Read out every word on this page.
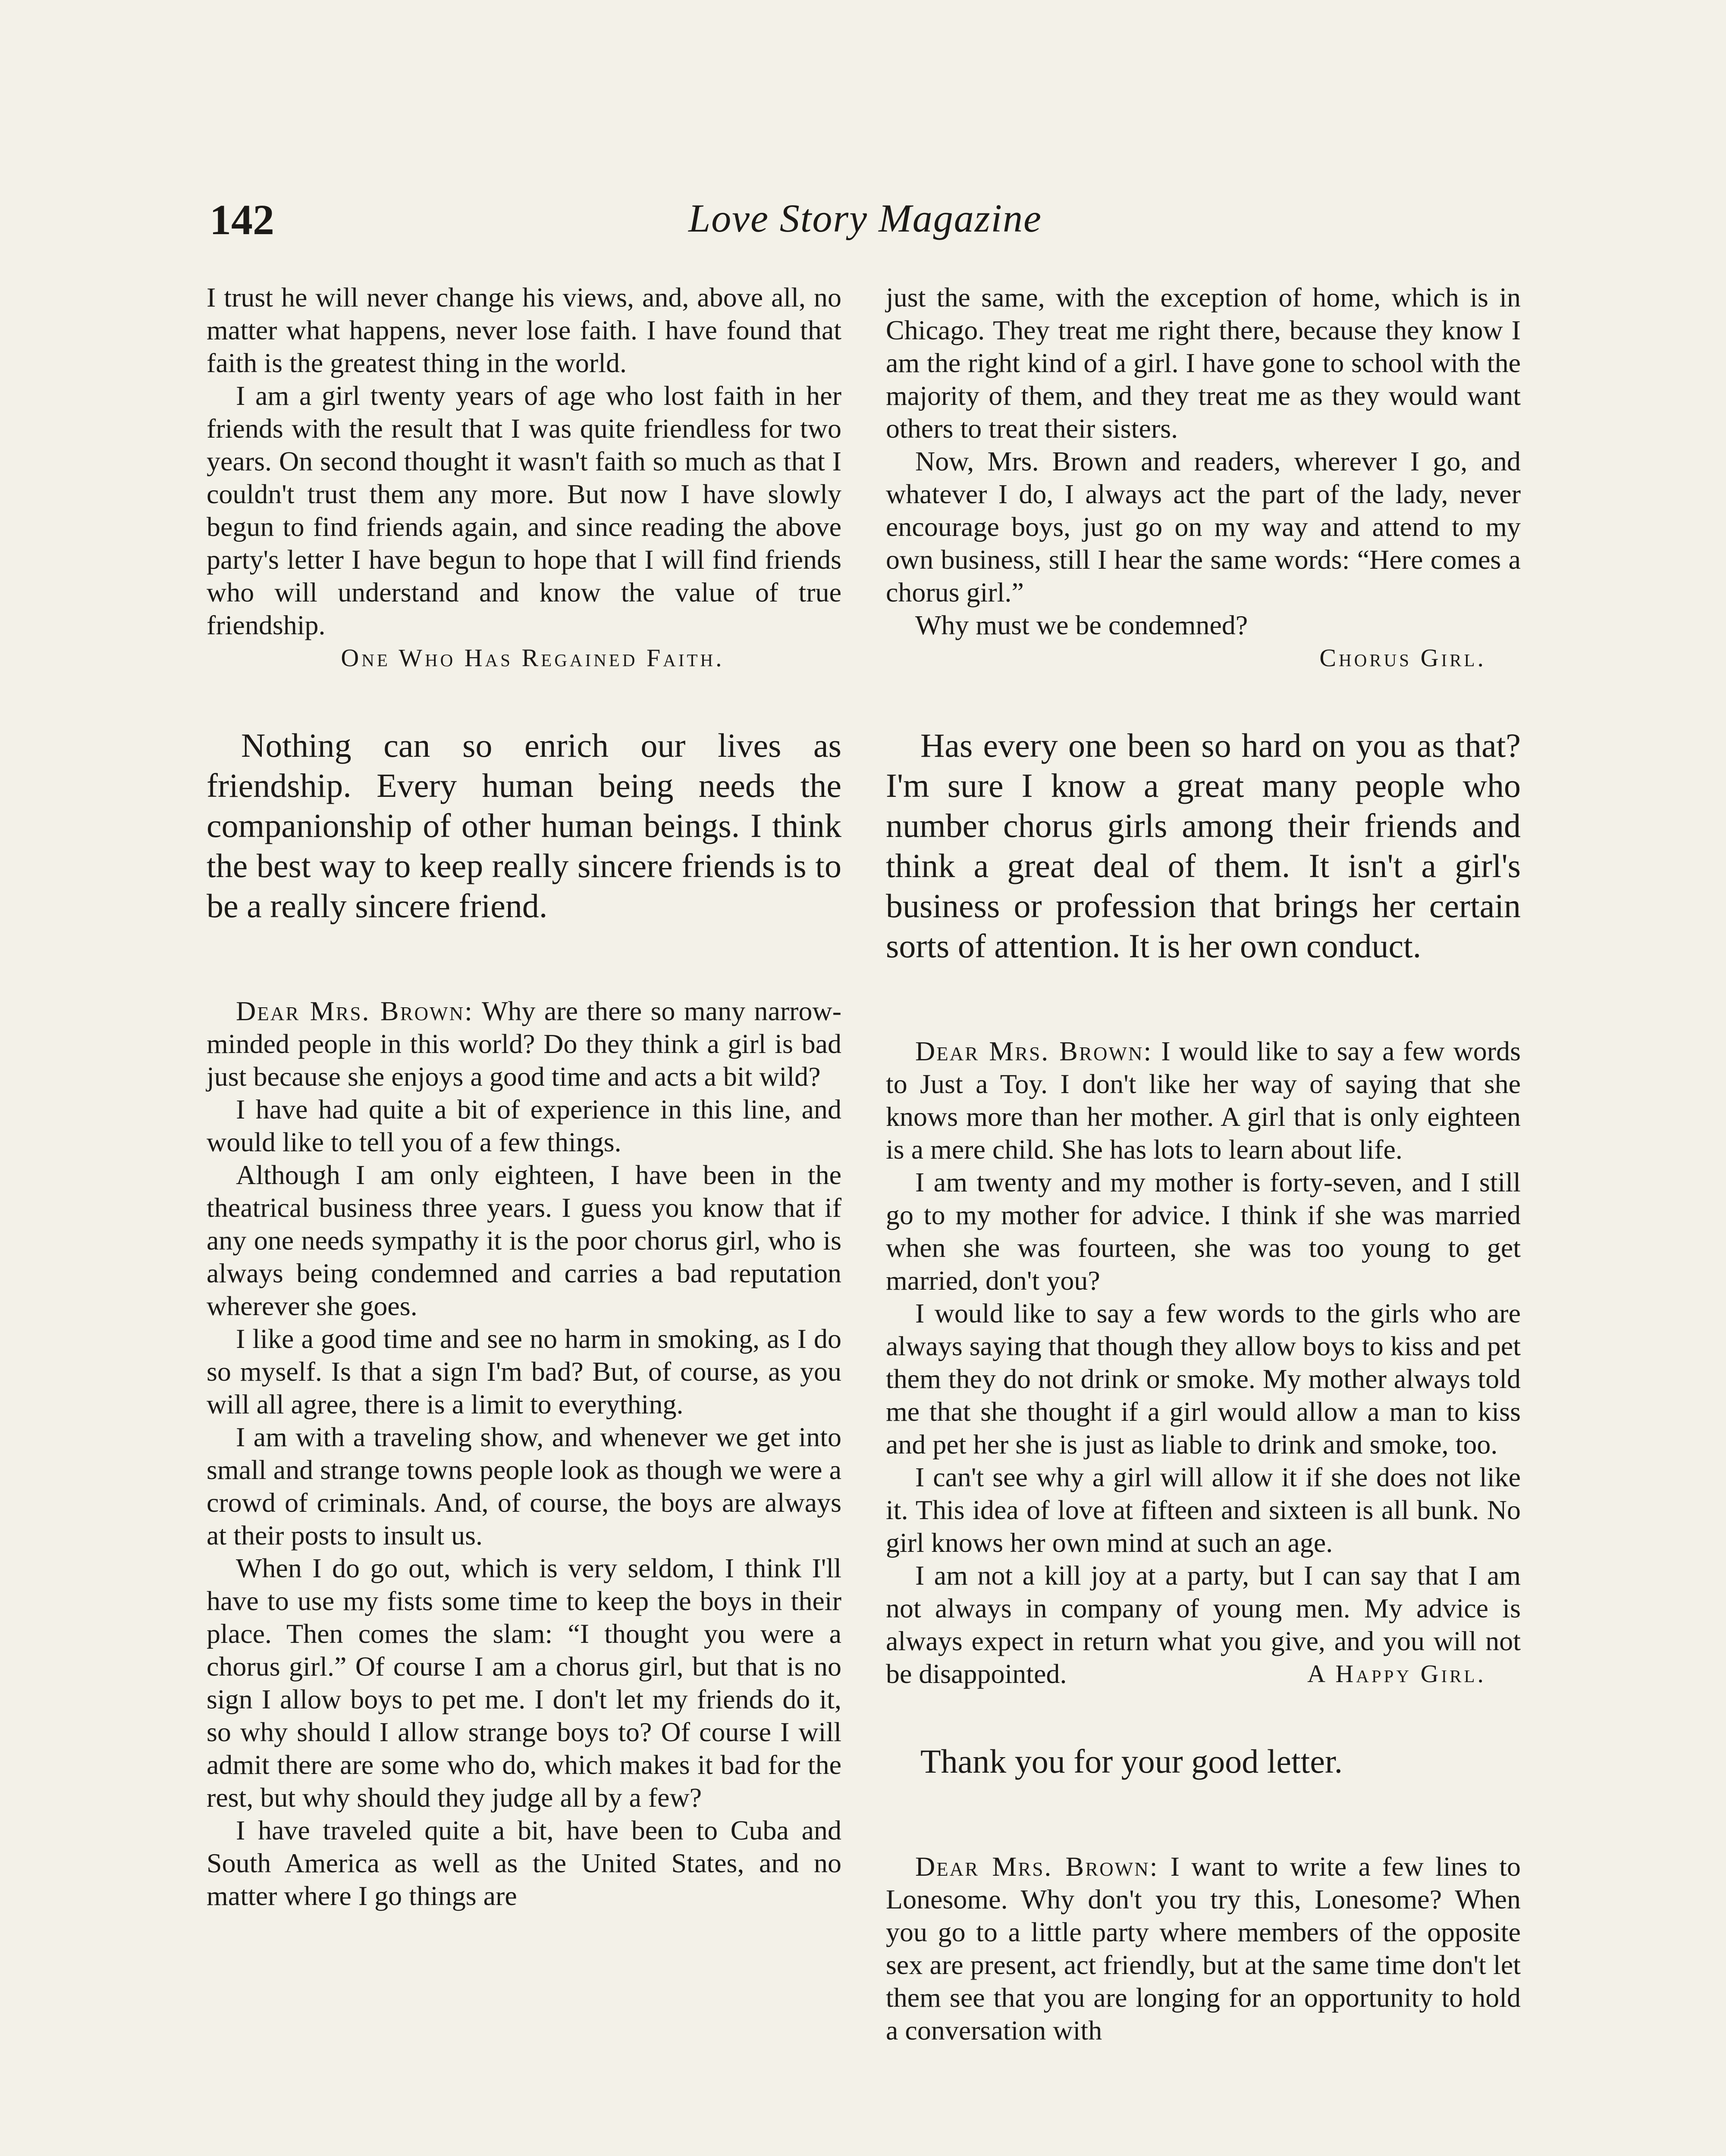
142	Love Story Magazine

I trust he will never change his views, and, above all, no matter what happens, never lose faith. I have found that faith is the greatest thing in the world.

I am a girl twenty years of age who lost faith in her friends with the result that I was quite friendless for two years. On second thought it wasn't faith so much as that I couldn't trust them any more. But now I have slowly begun to find friends again, and since reading the above party's letter I have begun to hope that I will find friends who will understand and know the value of true friendship.

One Who Has Regained Faith.

Nothing can so enrich our lives as friendship. Every human being needs the companionship of other human beings. I think the best way to keep really sincere friends is to be a really sincere friend.

Dear Mrs. Brown: Why are there so many narrow-minded people in this world? Do they think a girl is bad just because she enjoys a good time and acts a bit wild?

I have had quite a bit of experience in this line, and would like to tell you of a few things.

Although I am only eighteen, I have been in the theatrical business three years. I guess you know that if any one needs sympathy it is the poor chorus girl, who is always being condemned and carries a bad reputation wherever she goes.

I like a good time and see no harm in smoking, as I do so myself. Is that a sign I'm bad? But, of course, as you will all agree, there is a limit to everything.

I am with a traveling show, and whenever we get into small and strange towns people look as though we were a crowd of criminals. And, of course, the boys are always at their posts to insult us.

When I do go out, which is very seldom, I think I'll have to use my fists some time to keep the boys in their place. Then comes the slam: “I thought you were a chorus girl.” Of course I am a chorus girl, but that is no sign I allow boys to pet me. I don't let my friends do it, so why should I allow strange boys to? Of course I will admit there are some who do, which makes it bad for the rest, but why should they judge all by a few?

I have traveled quite a bit, have been to Cuba and South America as well as the United States, and no matter where I go things are

just the same, with the exception of home, which is in Chicago. They treat me right there, because they know I am the right kind of a girl. I have gone to school with the majority of them, and they treat me as they would want others to treat their sisters.

Now, Mrs. Brown and readers, wherever I go, and whatever I do, I always act the part of the lady, never encourage boys, just go on my way and attend to my own business, still I hear the same words: “Here comes a chorus girl.”

Why must we be condemned?

Chorus Girl.

Has every one been so hard on you as that? I'm sure I know a great many people who number chorus girls among their friends and think a great deal of them. It isn't a girl's business or profession that brings her certain sorts of attention. It is her own conduct.

Dear Mrs. Brown: I would like to say a few words to Just a Toy. I don't like her way of saying that she knows more than her mother. A girl that is only eighteen is a mere child. She has lots to learn about life.

I am twenty and my mother is forty-seven, and I still go to my mother for advice. I think if she was married when she was fourteen, she was too young to get married, don't you?

I would like to say a few words to the girls who are always saying that though they allow boys to kiss and pet them they do not drink or smoke. My mother always told me that she thought if a girl would allow a man to kiss and pet her she is just as liable to drink and smoke, too.

I can't see why a girl will allow it if she does not like it. This idea of love at fifteen and sixteen is all bunk. No girl knows her own mind at such an age.

I am not a kill joy at a party, but I can say that I am not always in company of young men. My advice is always expect in return what you give, and you will not be disappointed.	A Happy Girl.

Thank you for your good letter.

Dear Mrs. Brown: I want to write a few lines to Lonesome. Why don't you try this, Lonesome? When you go to a little party where members of the opposite sex are present, act friendly, but at the same time don't let them see that you are longing for an opportunity to hold a conversation with
